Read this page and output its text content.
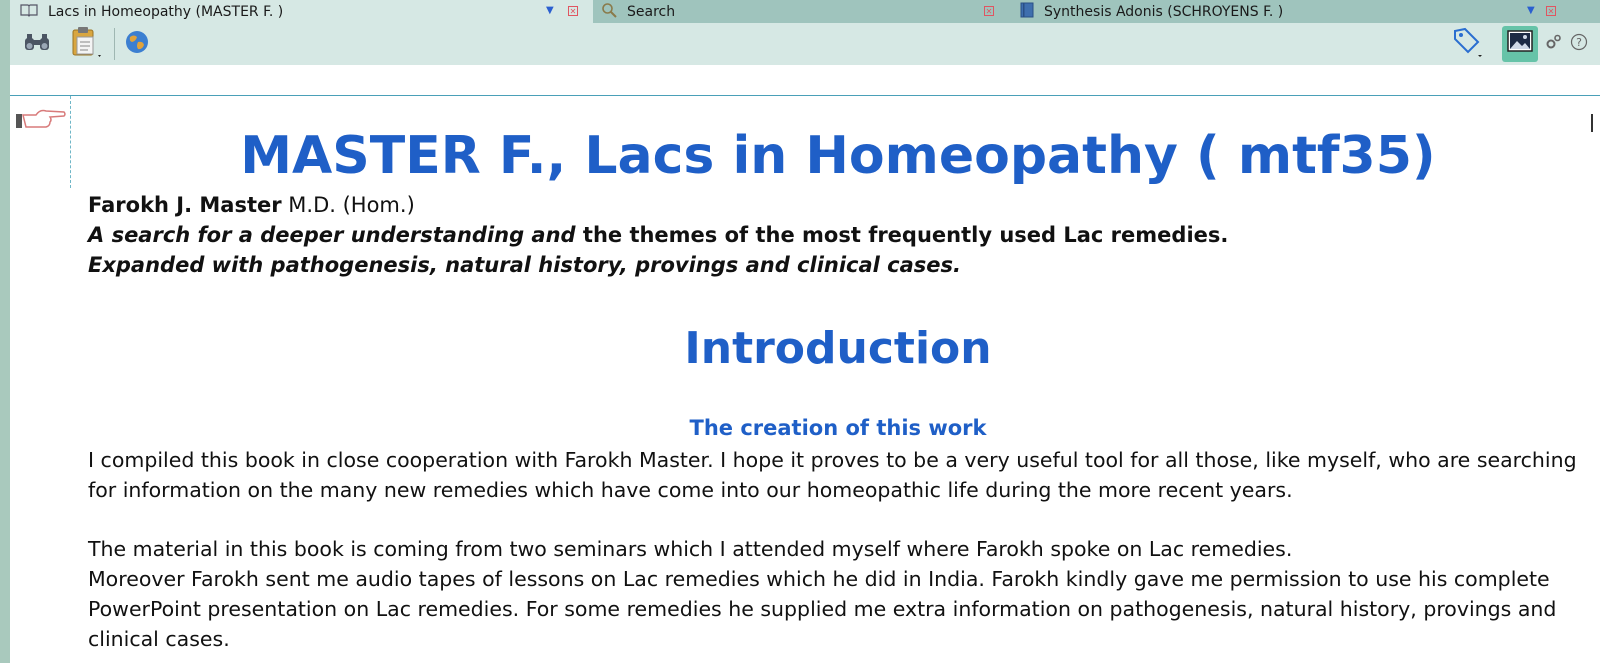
Lacs in Homeopathy (MASTER F. )	▼ ✕	Search	✕	Synthesis Adonis (SCHROYENS F. )	▼ ✕
?
MASTER F., Lacs in Homeopathy ( mtf35)

Farokh J. Master M.D. (Hom.)

A search for a deeper understanding and the themes of the most frequently used Lac remedies.

Expanded with pathogenesis, natural history, provings and clinical cases.

Introduction
The creation of this work

I compiled this book in close cooperation with Farokh Master. I hope it proves to be a very useful tool for all those, like myself, who are searching for information on the many new remedies which have come into our homeopathic life during the more recent years.

The material in this book is coming from two seminars which I attended myself where Farokh spoke on Lac remedies.

Moreover Farokh sent me audio tapes of lessons on Lac remedies which he did in India. Farokh kindly gave me permission to use his complete PowerPoint presentation on Lac remedies. For some remedies he supplied me extra information on pathogenesis, natural history, provings and clinical cases.
